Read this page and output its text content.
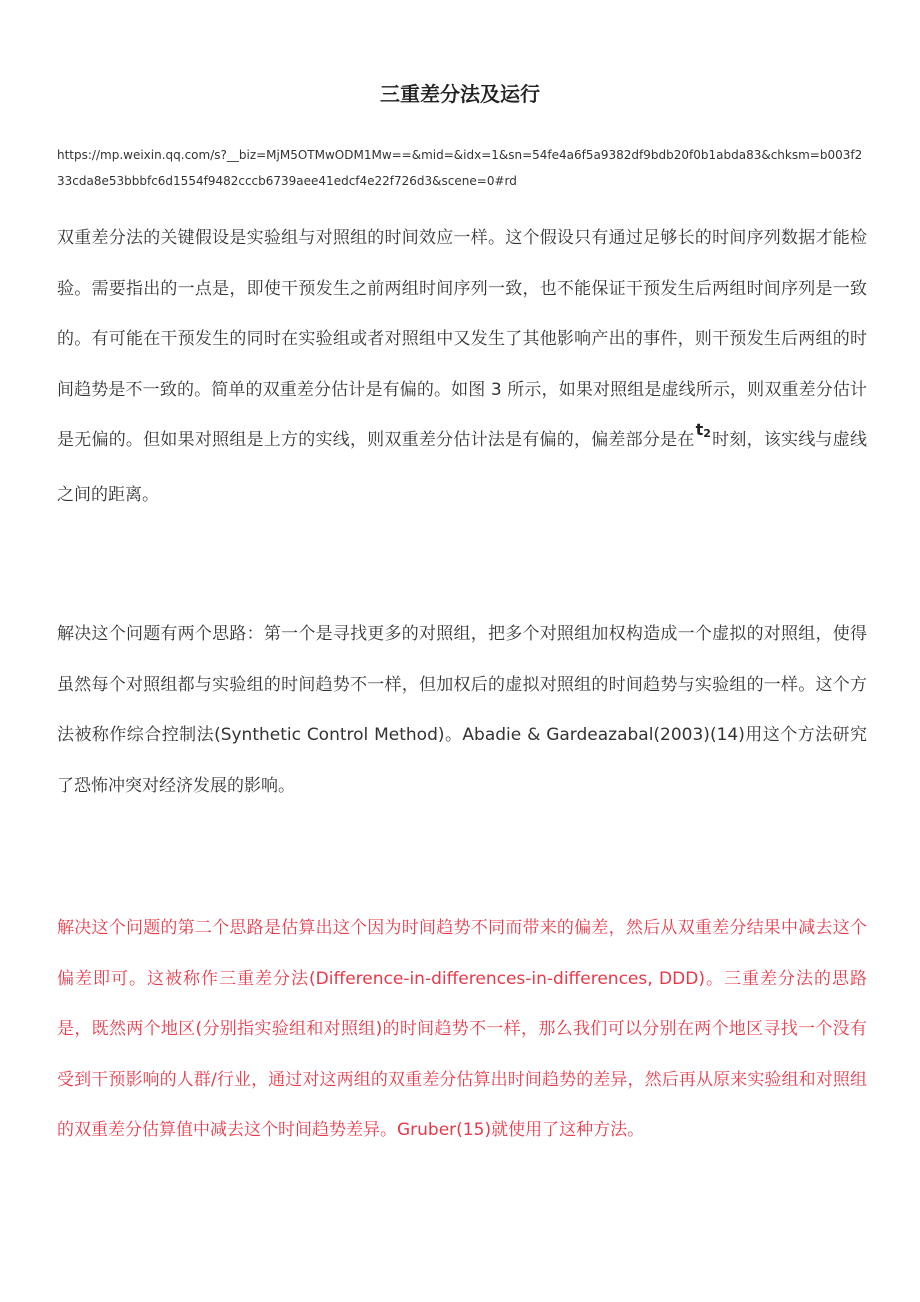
三重差分法及运行
https://mp.weixin.qq.com/s?__biz=MjM5OTMwODM1Mw==&mid=&idx=1&sn=54fe4a6f5a9382df9bdb20f0b1abda83&chksm=b003f233cda8e53bbbfc6d1554f9482cccb6739aee41edcf4e22f726d3&scene=0#rd
双重差分法的关键假设是实验组与对照组的时间效应一样。这个假设只有通过足够长的时间序列数据才能检验。需要指出的一点是，即使干预发生之前两组时间序列一致，也不能保证干预发生后两组时间序列是一致的。有可能在干预发生的同时在实验组或者对照组中又发生了其他影响产出的事件，则干预发生后两组的时间趋势是不一致的。简单的双重差分估计是有偏的。如图 3 所示，如果对照组是虚线所示，则双重差分估计是无偏的。但如果对照组是上方的实线，则双重差分估计法是有偏的，偏差部分是在$t_2$时刻，该实线与虚线之间的距离。
解决这个问题有两个思路：第一个是寻找更多的对照组，把多个对照组加权构造成一个虚拟的对照组，使得虽然每个对照组都与实验组的时间趋势不一样，但加权后的虚拟对照组的时间趋势与实验组的一样。这个方法被称作综合控制法(Synthetic Control Method)。Abadie & Gardeazabal(2003)(14)用这个方法研究了恐怖冲突对经济发展的影响。
解决这个问题的第二个思路是估算出这个因为时间趋势不同而带来的偏差，然后从双重差分结果中减去这个偏差即可。这被称作三重差分法(Difference-in-differences-in-differences, DDD)。三重差分法的思路是，既然两个地区(分别指实验组和对照组)的时间趋势不一样，那么我们可以分别在两个地区寻找一个没有受到干预影响的人群/行业，通过对这两组的双重差分估算出时间趋势的差异，然后再从原来实验组和对照组的双重差分估算值中减去这个时间趋势差异。Gruber(15)就使用了这种方法。
